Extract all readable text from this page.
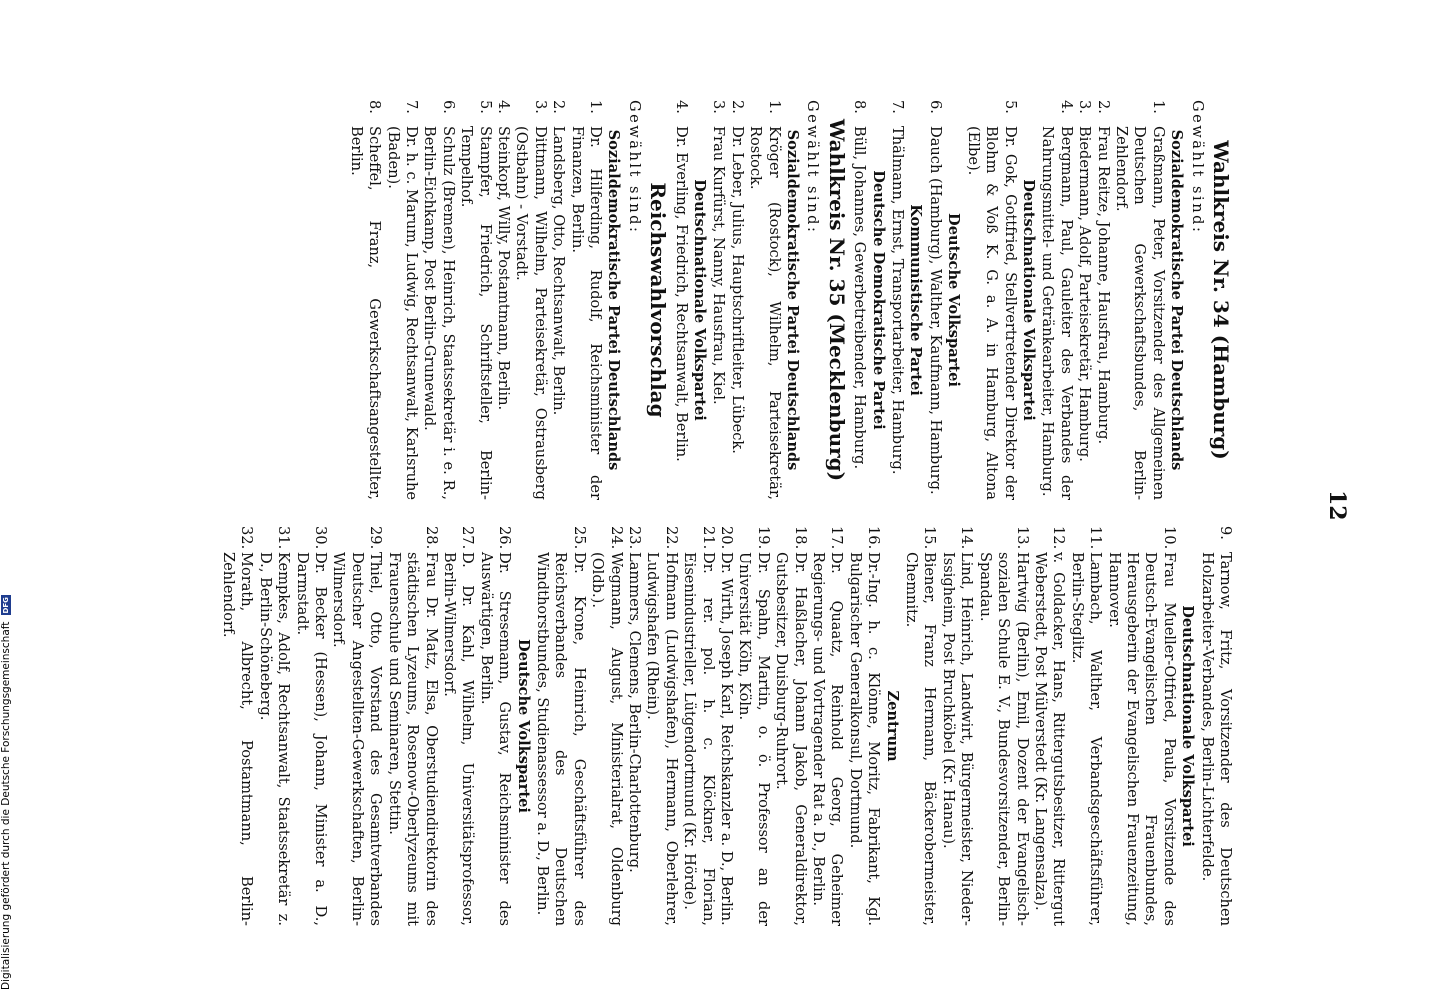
12
Wahlkreis Nr. 34 (Hamburg)
Gewählt sind:
Sozialdemokratische Partei Deutschlands
1.
Graßmann, Peter, Vorsitzender des Allgemeinen Deutschen Gewerkschaftsbundes, Berlin-Zehlendorf.
2.
Frau Reitze, Johanne, Hausfrau, Hamburg.
3.
Biedermann, Adolf, Parteisekretär, Hamburg.
4.
Bergmann, Paul, Gauleiter des Verbandes der Nahrungsmittel- und Getränkearbeiter, Hamburg.
Deutschnationale Volkspartei
5.
Dr. Gok, Gottfried, Stellvertretender Direktor der Blohm & Voß K. G. a. A. in Hamburg, Altona (Elbe).
Deutsche Volkspartei
6.
Dauch (Hamburg), Walther, Kaufmann, Hamburg.
Kommunistische Partei
7.
Thälmann, Ernst, Transportarbeiter, Hamburg.
Deutsche Demokratische Partei
8.
Büll, Johannes, Gewerbetreibender, Hamburg.
Wahlkreis Nr. 35 (Mecklenburg)
Gewählt sind:
Sozialdemokratische Partei Deutschlands
1.
Kröger (Rostock), Wilhelm, Parteisekretär, Rostock.
2.
Dr. Leber, Julius, Hauptschriftleiter, Lübeck.
3.
Frau Kurfürst, Nanny, Hausfrau, Kiel.
Deutschnationale Volkspartei
4.
Dr. Everling, Friedrich, Rechtsanwalt, Berlin.
Reichswahlvorschlag
Gewählt sind:
Sozialdemokratische Partei Deutschlands
1.
Dr. Hilferding, Rudolf, Reichsminister der Finanzen, Berlin.
2.
Landsberg, Otto, Rechtsanwalt, Berlin.
3.
Dittmann, Wilhelm, Parteisekretär, Ostrausberg (Ostbahn) - Vorstadt.
4.
Steinkopf, Willy, Postamtmann, Berlin.
5.
Stampfer, Friedrich, Schriftsteller, Berlin-Tempelhof.
6.
Schulz (Bremen), Heinrich, Staatssekretär i. e. R., Berlin-Eichkamp, Post Berlin-Grunewald.
7.
Dr. h. c. Marum, Ludwig, Rechtsanwalt, Karlsruhe (Baden).
8.
Scheffel, Franz, Gewerkschaftsangestellter, Berlin.
9.
Tarnow, Fritz, Vorsitzender des Deutschen Holzarbeiter-Verbandes, Berlin-Lichterfelde.
Deutschnationale Volkspartei
10.
Frau Mueller-Otfried, Paula, Vorsitzende des Deutsch-Evangelischen Frauenbundes, Herausgeberin der Evangelischen Frauenzeitung, Hannover.
11.
Lambach, Walther, Verbandsgeschäftsführer, Berlin-Steglitz.
12.
v. Goldacker, Hans, Rittergutsbesitzer, Rittergut Weberstedt, Post Mülverstedt (Kr. Langensalza).
13.
Hartwig (Berlin), Emil, Dozent der Evangelisch-sozialen Schule E. V., Bundesvorsitzender, Berlin-Spandau.
14.
Lind, Heinrich, Landwirt, Bürgermeister, Nieder-Issigheim, Post Bruchköbel (Kr. Hanau).
15.
Biener, Franz Hermann, Bäckerobermeister, Chemnitz.
Zentrum
16.
Dr.-Ing. h. c. Klönne, Moritz, Fabrikant, Kgl. Bulgarischer Generalkonsul, Dortmund.
17.
Dr. Quaatz, Reinhold Georg, Geheimer Regierungs- und Vortragender Rat a. D., Berlin.
18.
Dr. Haßlacher, Johann Jakob, Generaldirektor, Gutsbesitzer, Duisburg-Ruhrort.
19.
Dr. Spahn, Martin, o. ö. Professor an der Universität Köln, Köln.
20.
Dr. Wirth, Joseph Karl, Reichskanzler a. D., Berlin.
21.
Dr. rer. pol. h. c. Klöckner, Florian, Eisenindustrieller, Lütgendortmund (Kr. Hörde).
22.
Hofmann (Ludwigshafen), Hermann, Oberlehrer, Ludwigshafen (Rhein).
23.
Lammers, Clemens, Berlin-Charlottenburg.
24.
Wegmann, August, Ministerialrat, Oldenburg (Oldb.).
25.
Dr. Krone, Heinrich, Geschäftsführer des Reichsverbandes des Deutschen Windthorstbundes, Studienassessor a. D., Berlin.
Deutsche Volkspartei
26.
Dr. Stresemann, Gustav, Reichsminister des Auswärtigen, Berlin.
27.
D. Dr. Kahl, Wilhelm, Universitätsprofessor, Berlin-Wilmersdorf.
28.
Frau Dr. Matz, Elsa, Oberstudiendirektorin des städtischen Lyzeums, Rosenow-Oberlyzeums mit Frauenschule und Seminaren, Stettin.
29.
Thiel, Otto, Vorstand des Gesamtverbandes Deutscher Angestellten-Gewerkschaften, Berlin-Wilmersdorf.
30.
Dr. Becker (Hessen), Johann, Minister a. D., Darmstadt.
31.
Kempkes, Adolf, Rechtsanwalt, Staatssekretär z. D., Berlin-Schöneberg.
32.
Morath, Albrecht, Postamtmann, Berlin-Zehlendorf.
Digitalisierung gefördert durch die Deutsche Forschungsgemeinschaft DFG
